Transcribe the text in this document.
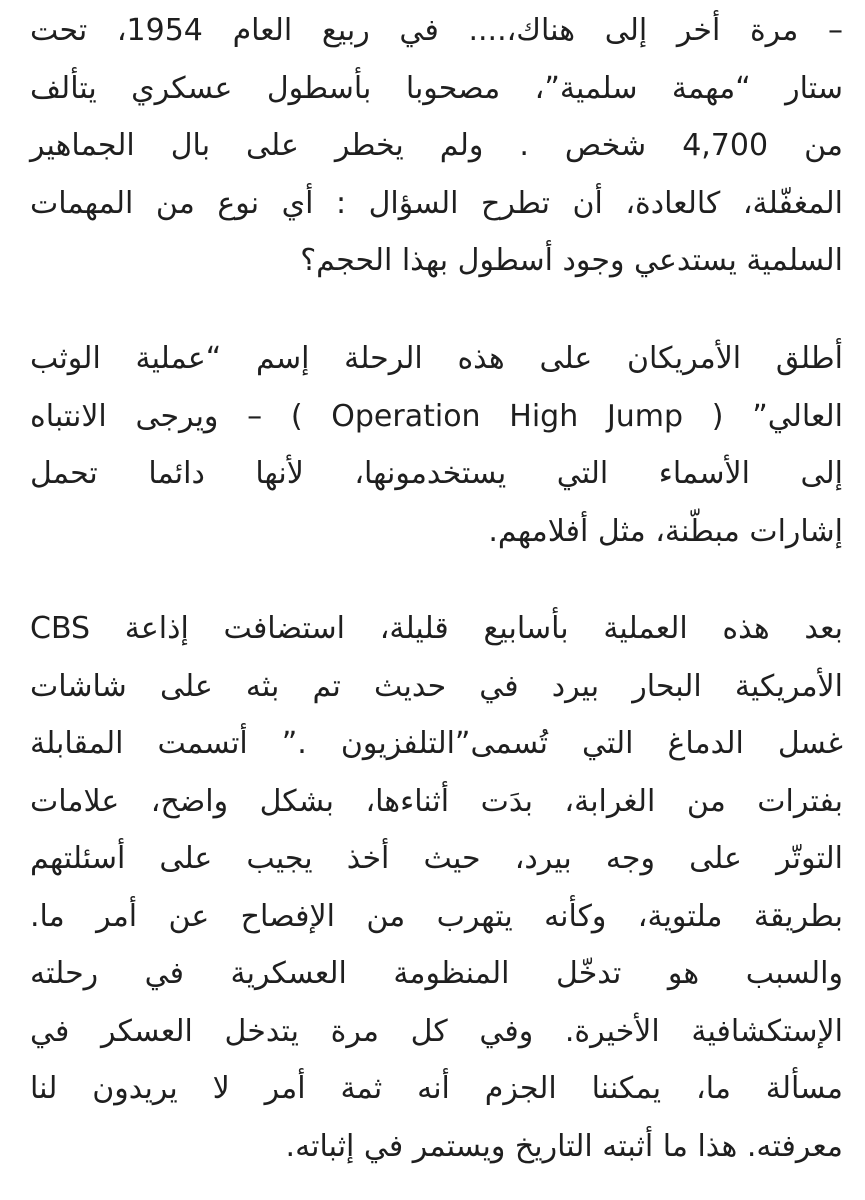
– مرة أخر إلى هناك،.... في ربيع العام 1954، تحت
ستار “مهمة سلمية”، مصحوبا بأسطول عسكري يتألف
من 4,700 شخص . ولم يخطر على بال الجماهير
المغفّلة، كالعادة، أن تطرح السؤال : أي نوع من المهمات
السلمية يستدعي وجود أسطول بهذا الحجم؟
أطلق الأمريكان على هذه الرحلة إسم “عملية الوثب
العالي” ( Operation High Jump ) – ويرجى الانتباه
إلى الأسماء التي يستخدمونها، لأنها دائما تحمل
إشارات مبطّنة، مثل أفلامهم.
بعد هذه العملية بأسابيع قليلة، استضافت إذاعة CBS
الأمريكية البحار بيرد في حديث تم بثه على شاشات
غسل الدماغ التي تُسمى”التلفزيون .” أتسمت المقابلة
بفترات من الغرابة، بدَت أثناءها، بشكل واضح، علامات
التوتّر على وجه بيرد، حيث أخذ يجيب على أسئلتهم
بطريقة ملتوية، وكأنه يتهرب من الإفصاح عن أمر ما.
والسبب هو تدخّل المنظومة العسكرية في رحلته
الإستكشافية الأخيرة. وفي كل مرة يتدخل العسكر في
مسألة ما، يمكننا الجزم أنه ثمة أمر لا يريدون لنا
معرفته. هذا ما أثبته التاريخ ويستمر في إثباته.
